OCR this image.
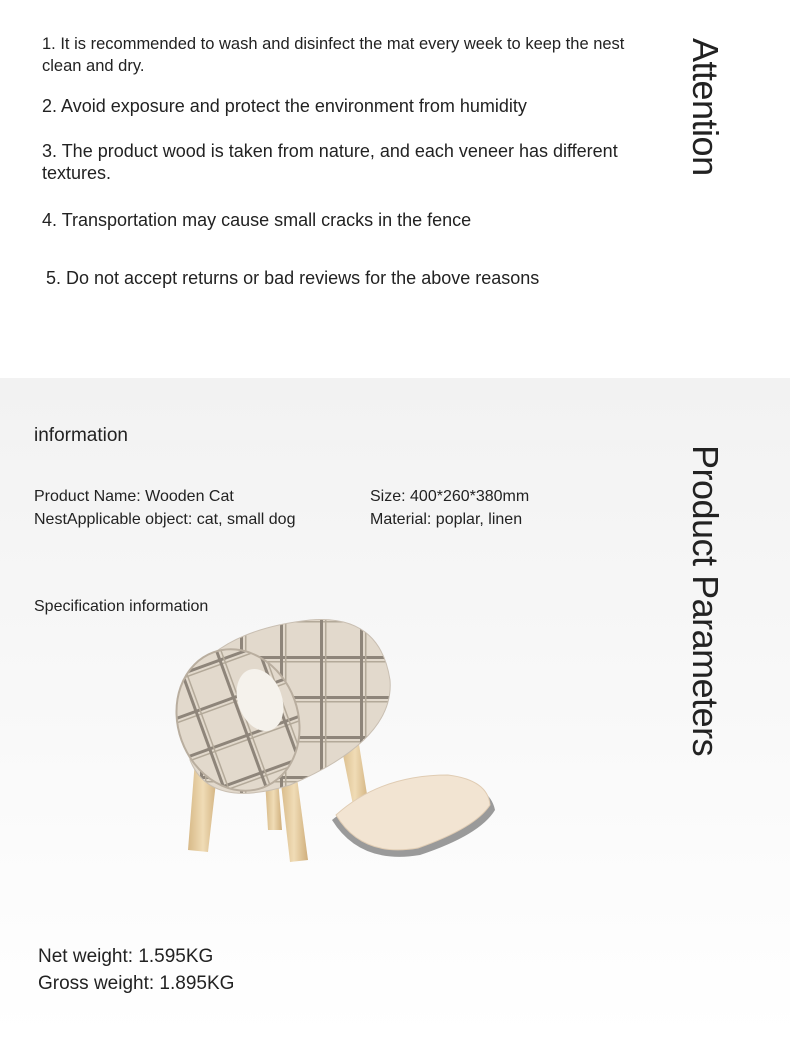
1. It is recommended to wash and disinfect the mat every week to keep the nest clean and dry.
2. Avoid exposure and protect the environment from humidity
3. The product wood is taken from nature, and each veneer has different textures.
4. Transportation may cause small cracks in the fence
5. Do not accept returns or bad reviews for the above reasons
Attention
information
Product Name: Wooden Cat
NestApplicable object: cat, small dog
Size: 400*260*380mm
Material: poplar, linen
Specification information	Product Parameters
Net weight: 1.595KG
Gross weight: 1.895KG
